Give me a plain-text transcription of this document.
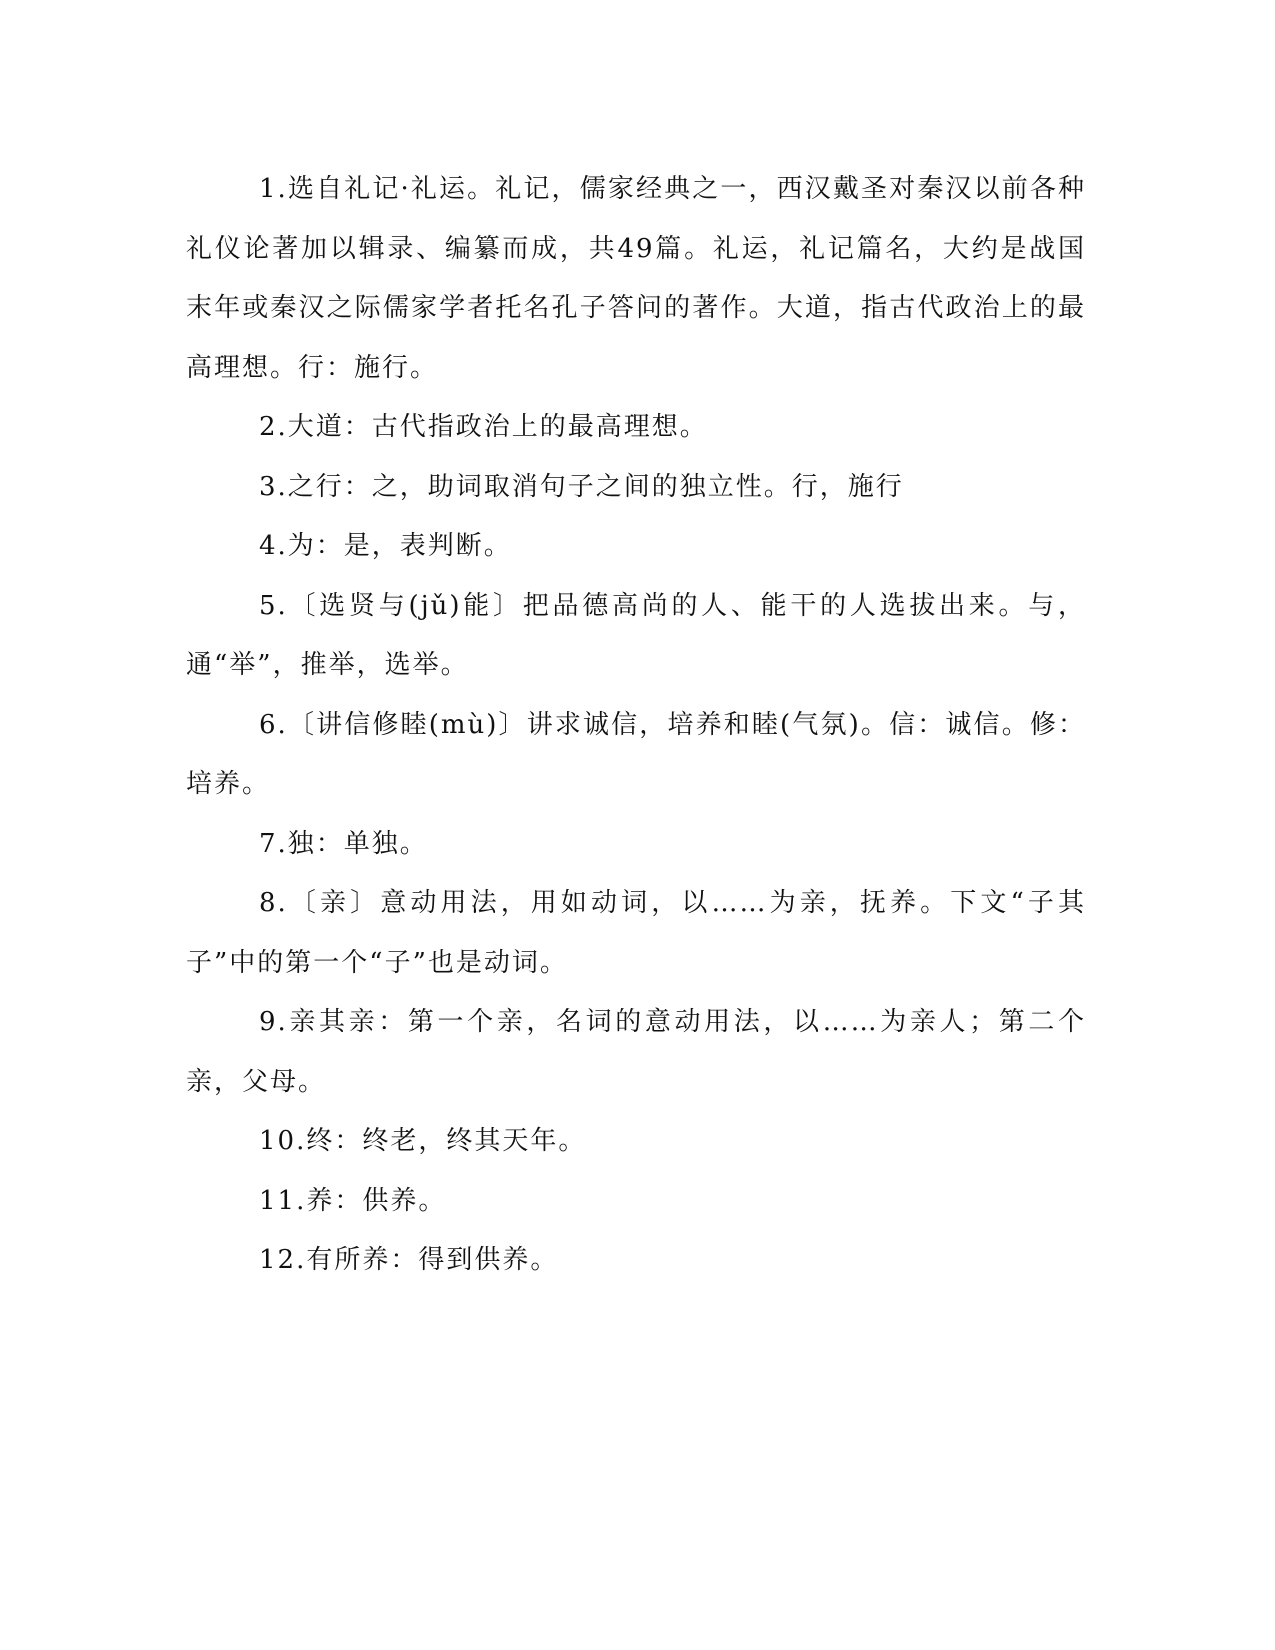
1.选自礼记·礼运。礼记，儒家经典之一，西汉戴圣对秦汉以前各种礼仪论著加以辑录、编纂而成，共49篇。礼运，礼记篇名，大约是战国末年或秦汉之际儒家学者托名孔子答问的著作。大道，指古代政治上的最高理想。行：施行。

2.大道：古代指政治上的最高理想。

3.之行：之，助词取消句子之间的独立性。行，施行

4.为：是，表判断。

5.〔选贤与(jǔ)能〕把品德高尚的人、能干的人选拔出来。与，通“举”，推举，选举。

6.〔讲信修睦(mù)〕讲求诚信，培养和睦(气氛)。信：诚信。修：培养。

7.独：单独。

8.〔亲〕意动用法，用如动词，以……为亲，抚养。下文“子其子”中的第一个“子”也是动词。

9.亲其亲：第一个亲，名词的意动用法，以……为亲人；第二个亲，父母。

10.终：终老，终其天年。

11.养：供养。

12.有所养：得到供养。
